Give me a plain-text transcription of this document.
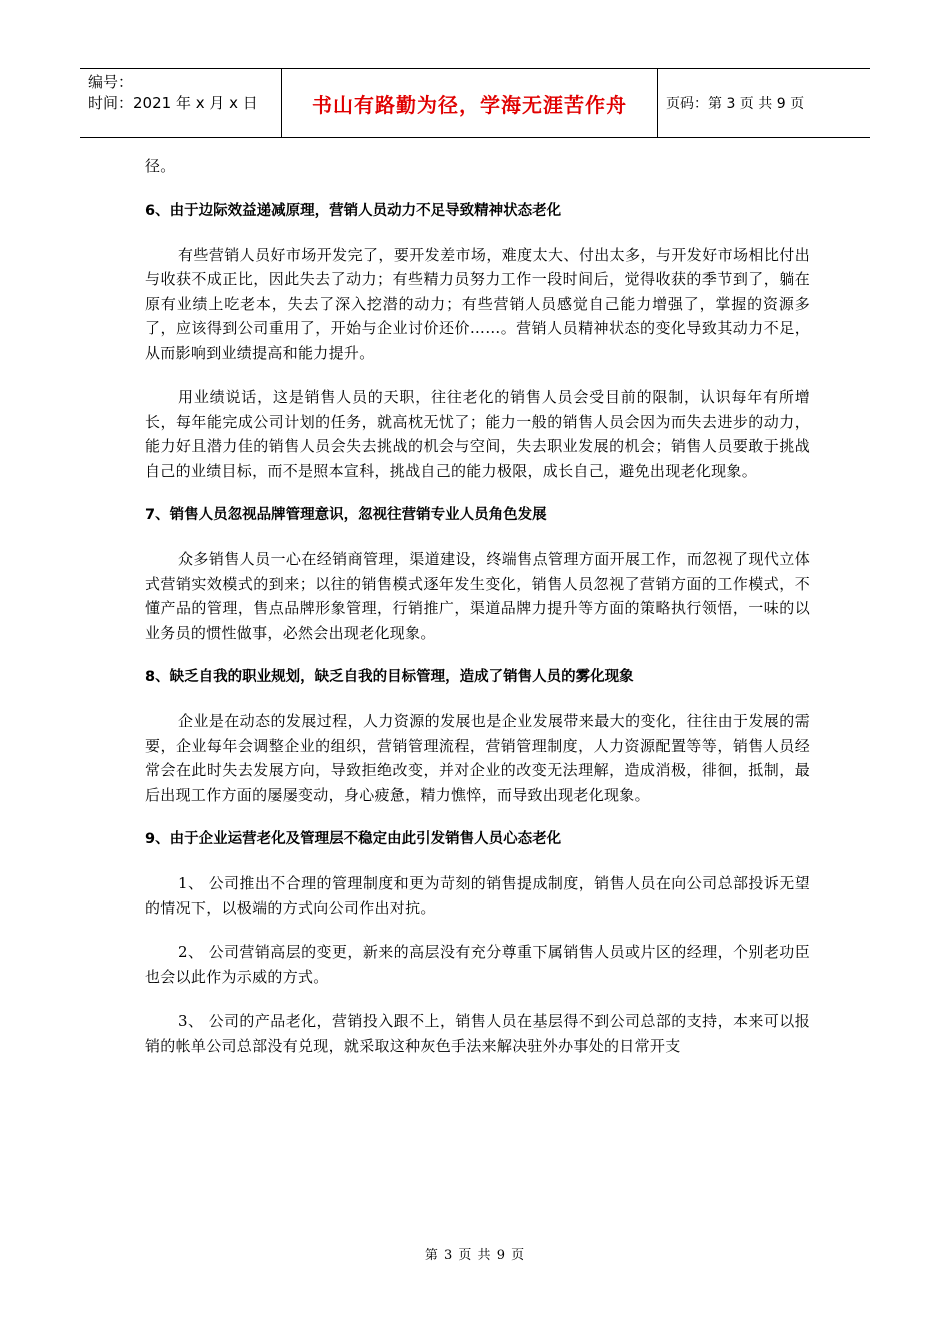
编号：
时间：2021 年 x 月 x 日	书山有路勤为径，学海无涯苦作舟	页码：第 3 页 共 9 页

径。

6、由于边际效益递减原理，营销人员动力不足导致精神状态老化

有些营销人员好市场开发完了，要开发差市场，难度太大、付出太多，与开发好市场相比付出与收获不成正比，因此失去了动力；有些精力员努力工作一段时间后，觉得收获的季节到了，躺在原有业绩上吃老本，失去了深入挖潜的动力；有些营销人员感觉自己能力增强了，掌握的资源多了，应该得到公司重用了，开始与企业讨价还价……。营销人员精神状态的变化导致其动力不足，从而影响到业绩提高和能力提升。

用业绩说话，这是销售人员的天职，往往老化的销售人员会受目前的限制，认识每年有所增长，每年能完成公司计划的任务，就高枕无忧了；能力一般的销售人员会因为而失去进步的动力，能力好且潜力佳的销售人员会失去挑战的机会与空间，失去职业发展的机会；销售人员要敢于挑战自己的业绩目标，而不是照本宣科，挑战自己的能力极限，成长自己，避免出现老化现象。

7、销售人员忽视品牌管理意识，忽视往营销专业人员角色发展

众多销售人员一心在经销商管理，渠道建设，终端售点管理方面开展工作，而忽视了现代立体式营销实效模式的到来；以往的销售模式逐年发生变化，销售人员忽视了营销方面的工作模式，不懂产品的管理，售点品牌形象管理，行销推广，渠道品牌力提升等方面的策略执行领悟，一味的以业务员的惯性做事，必然会出现老化现象。

8、缺乏自我的职业规划，缺乏自我的目标管理，造成了销售人员的雾化现象

企业是在动态的发展过程，人力资源的发展也是企业发展带来最大的变化，往往由于发展的需要，企业每年会调整企业的组织，营销管理流程，营销管理制度，人力资源配置等等，销售人员经常会在此时失去发展方向，导致拒绝改变，并对企业的改变无法理解，造成消极，徘徊，抵制，最后出现工作方面的屡屡变动，身心疲惫，精力憔悴，而导致出现老化现象。

9、由于企业运营老化及管理层不稳定由此引发销售人员心态老化

1、 公司推出不合理的管理制度和更为苛刻的销售提成制度，销售人员在向公司总部投诉无望的情况下，以极端的方式向公司作出对抗。

2、 公司营销高层的变更，新来的高层没有充分尊重下属销售人员或片区的经理，个别老功臣也会以此作为示威的方式。

3、 公司的产品老化，营销投入跟不上，销售人员在基层得不到公司总部的支持，本来可以报销的帐单公司总部没有兑现，就采取这种灰色手法来解决驻外办事处的日常开支

第 3 页 共 9 页
